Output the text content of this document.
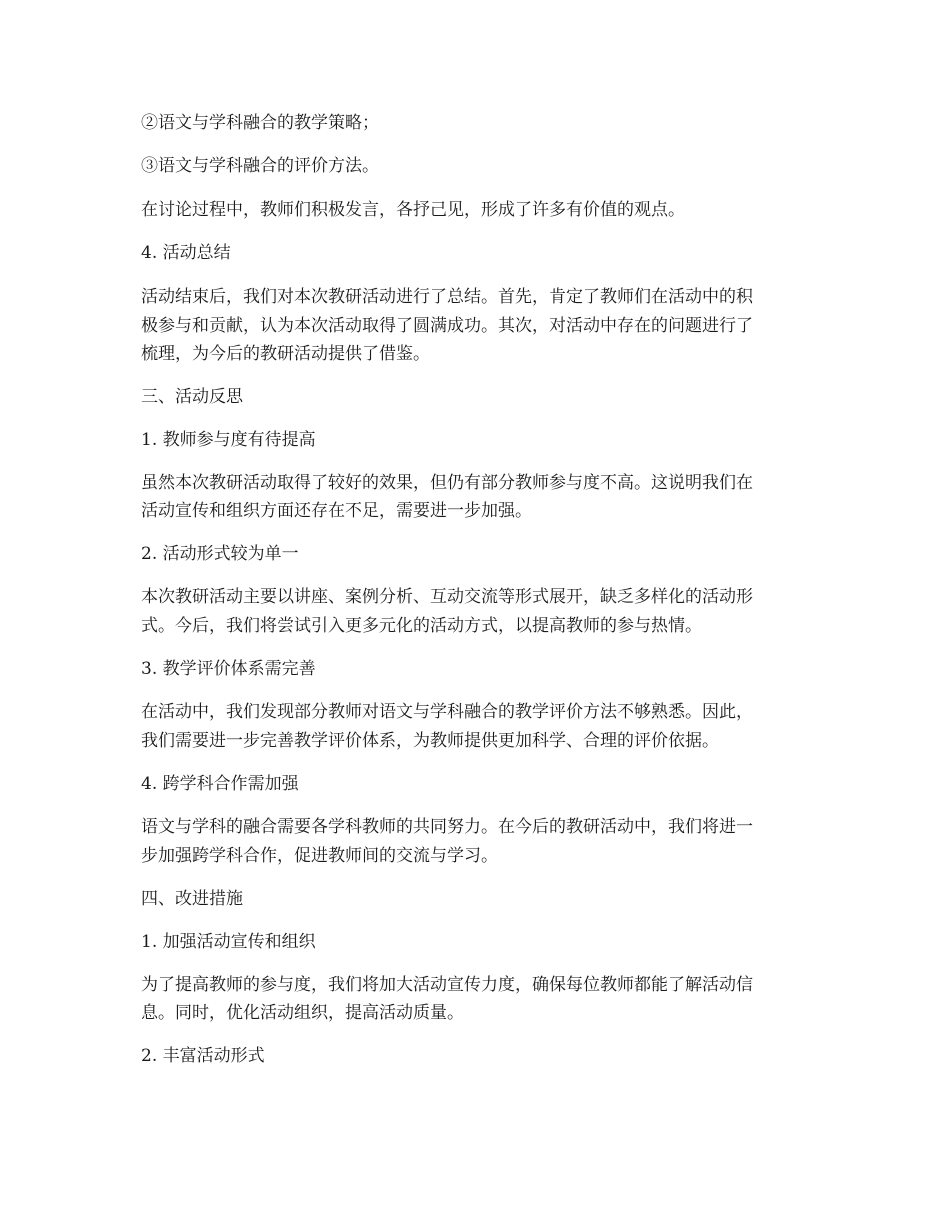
②语文与学科融合的教学策略；
③语文与学科融合的评价方法。
在讨论过程中，教师们积极发言，各抒己见，形成了许多有价值的观点。
4. 活动总结
活动结束后，我们对本次教研活动进行了总结。首先，肯定了教师们在活动中的积
极参与和贡献，认为本次活动取得了圆满成功。其次，对活动中存在的问题进行了
梳理，为今后的教研活动提供了借鉴。
三、活动反思
1. 教师参与度有待提高
虽然本次教研活动取得了较好的效果，但仍有部分教师参与度不高。这说明我们在
活动宣传和组织方面还存在不足，需要进一步加强。
2. 活动形式较为单一
本次教研活动主要以讲座、案例分析、互动交流等形式展开，缺乏多样化的活动形
式。今后，我们将尝试引入更多元化的活动方式，以提高教师的参与热情。
3. 教学评价体系需完善
在活动中，我们发现部分教师对语文与学科融合的教学评价方法不够熟悉。因此，
我们需要进一步完善教学评价体系，为教师提供更加科学、合理的评价依据。
4. 跨学科合作需加强
语文与学科的融合需要各学科教师的共同努力。在今后的教研活动中，我们将进一
步加强跨学科合作，促进教师间的交流与学习。
四、改进措施
1. 加强活动宣传和组织
为了提高教师的参与度，我们将加大活动宣传力度，确保每位教师都能了解活动信
息。同时，优化活动组织，提高活动质量。
2. 丰富活动形式
